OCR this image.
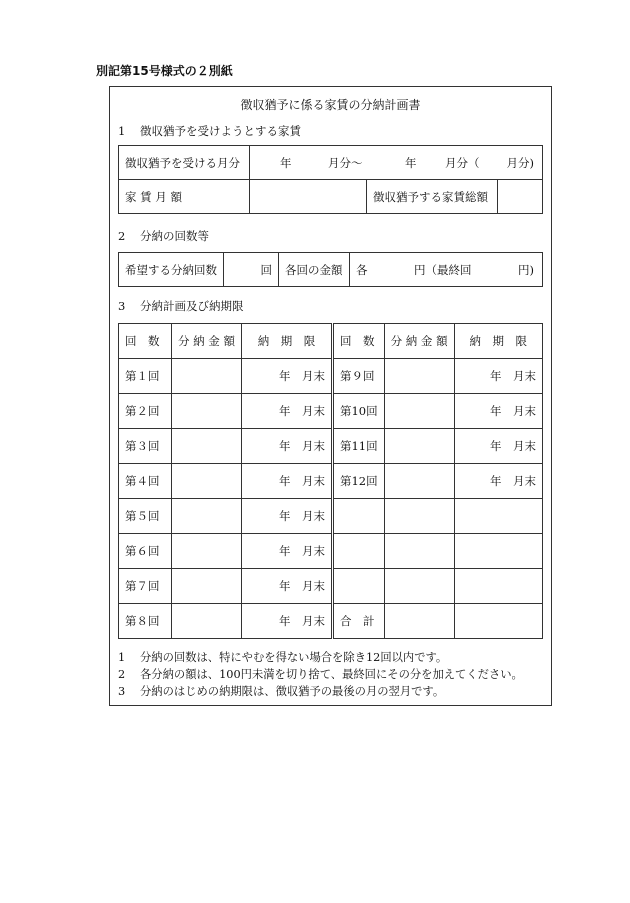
別記第15号様式の２別紙
徴収猶予に係る家賃の分納計画書
1 徴収猶予を受けようとする家賃
徴収猶予を受ける月分	年 月分〜 年 月分（ 月分)		

家 賃 月 額		徴収猶予する家賃総額	
2 分納の回数等
希望する分納回数	回	各回の金額	各	円（最終回	円)
3 分納計画及び納期限
回　数	分 納 金 額	納　期　限	回　数	分 納 金 額	納　期　限
第１回		年　月末	第９回		年　月末
第２回		年　月末	第10回		年　月末
第３回		年　月末	第11回		年　月末
第４回		年　月末	第12回		年　月末
第５回		年　月末			
第６回		年　月末			
第７回		年　月末			
第８回		年　月末	合　計		
1 分納の回数は、特にやむを得ない場合を除き12回以内です。
2 各分納の額は、100円未満を切り捨て、最終回にその分を加えてください。
3 分納のはじめの納期限は、徴収猶予の最後の月の翌月です。
